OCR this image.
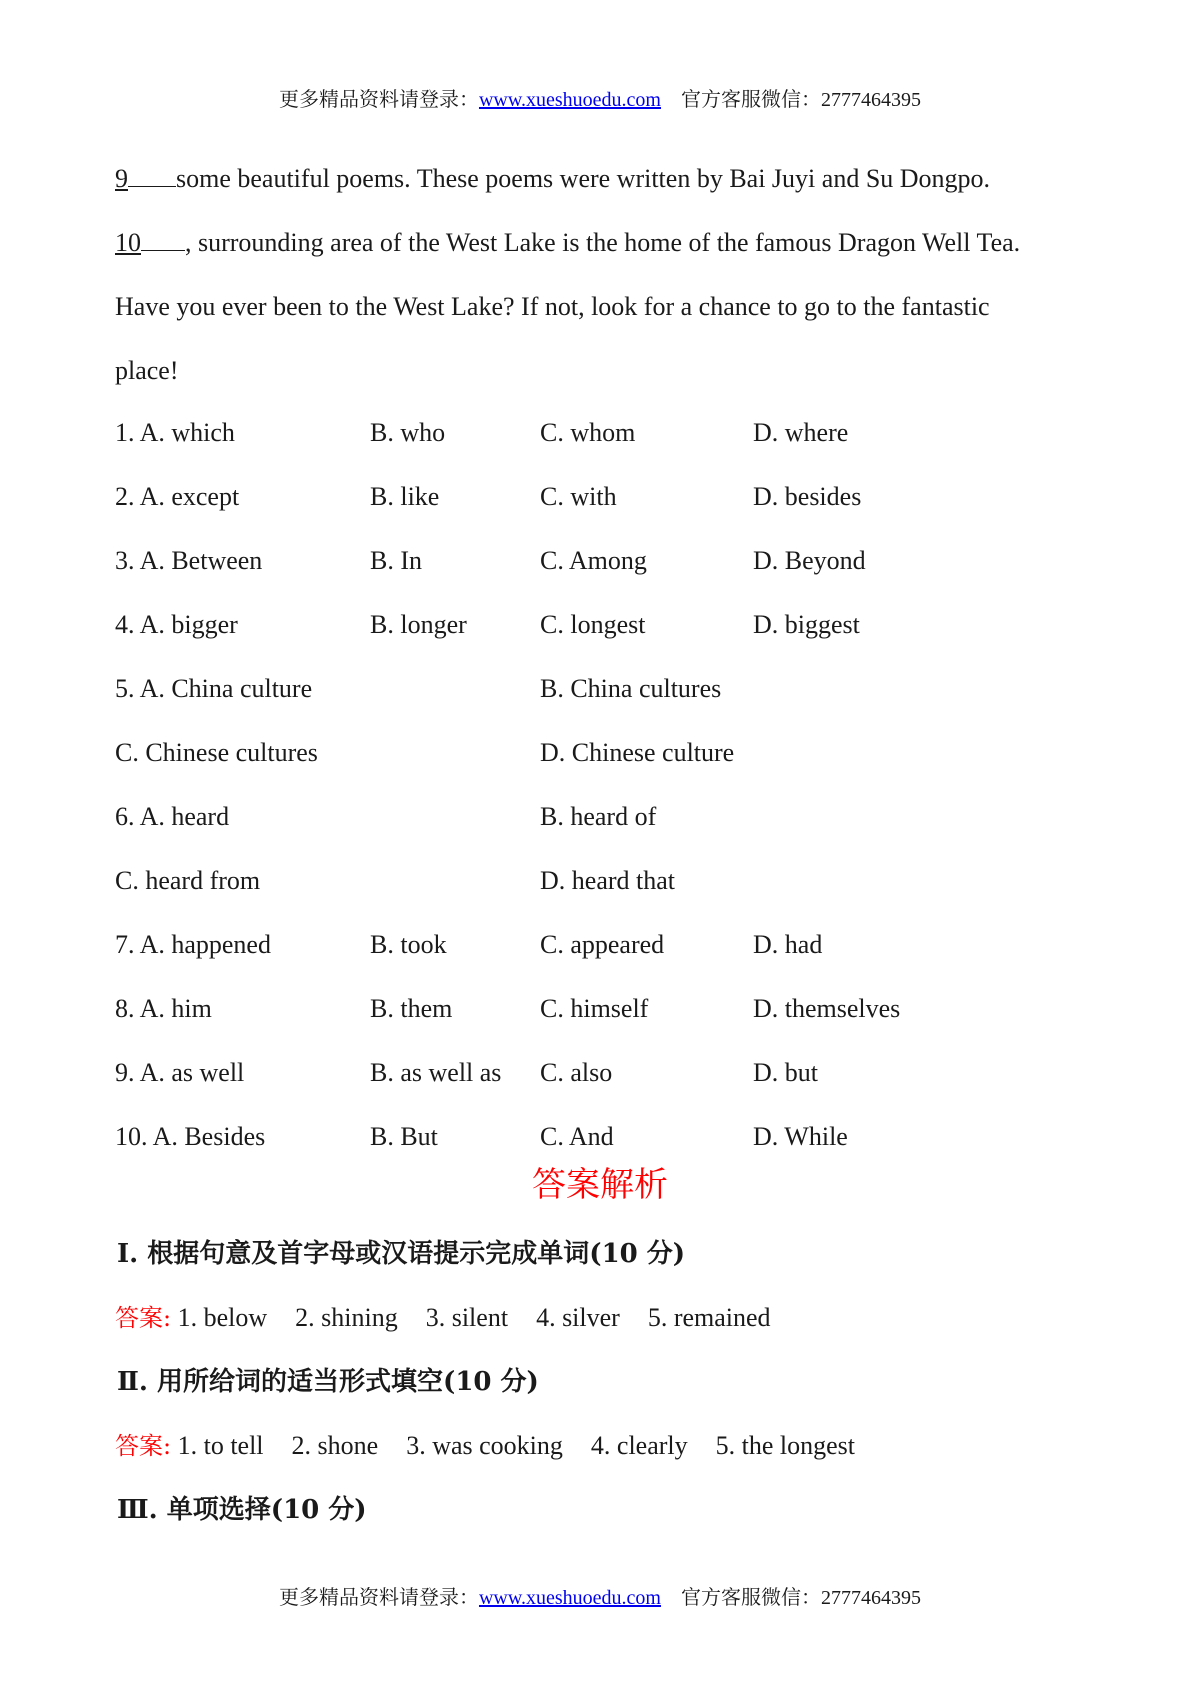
更多精品资料请登录：www.xueshuoedu.com 官方客服微信：2777464395
9 some beautiful poems. These poems were written by Bai Juyi and Su Dongpo.
10 , surrounding area of the West Lake is the home of the famous Dragon Well Tea.
Have you ever been to the West Lake? If not, look for a chance to go to the fantastic
place!
1. A. which	B. who	C. whom	D. where
2. A. except	B. like	C. with	D. besides
3. A. Between	B. In	C. Among	D. Beyond
4. A. bigger	B. longer	C. longest	D. biggest
5. A. China culture	B. China cultures
C. Chinese cultures	D. Chinese culture
6. A. heard	B. heard of
C. heard from	D. heard that
7. A. happened	B. took	C. appeared	D. had
8. A. him	B. them	C. himself	D. themselves
9. A. as well	B. as well as C. also	D. but
10. A. Besides	B. But	C. And	D. While
答案解析
Ⅰ. 根据句意及首字母或汉语提示完成单词(10 分)
答案: 1. below 2. shining 3. silent 4. silver 5. remained
Ⅱ. 用所给词的适当形式填空(10 分)
答案: 1. to tell 2. shone 3. was cooking 4. clearly 5. the longest
Ⅲ. 单项选择(10 分)
更多精品资料请登录：www.xueshuoedu.com 官方客服微信：2777464395
